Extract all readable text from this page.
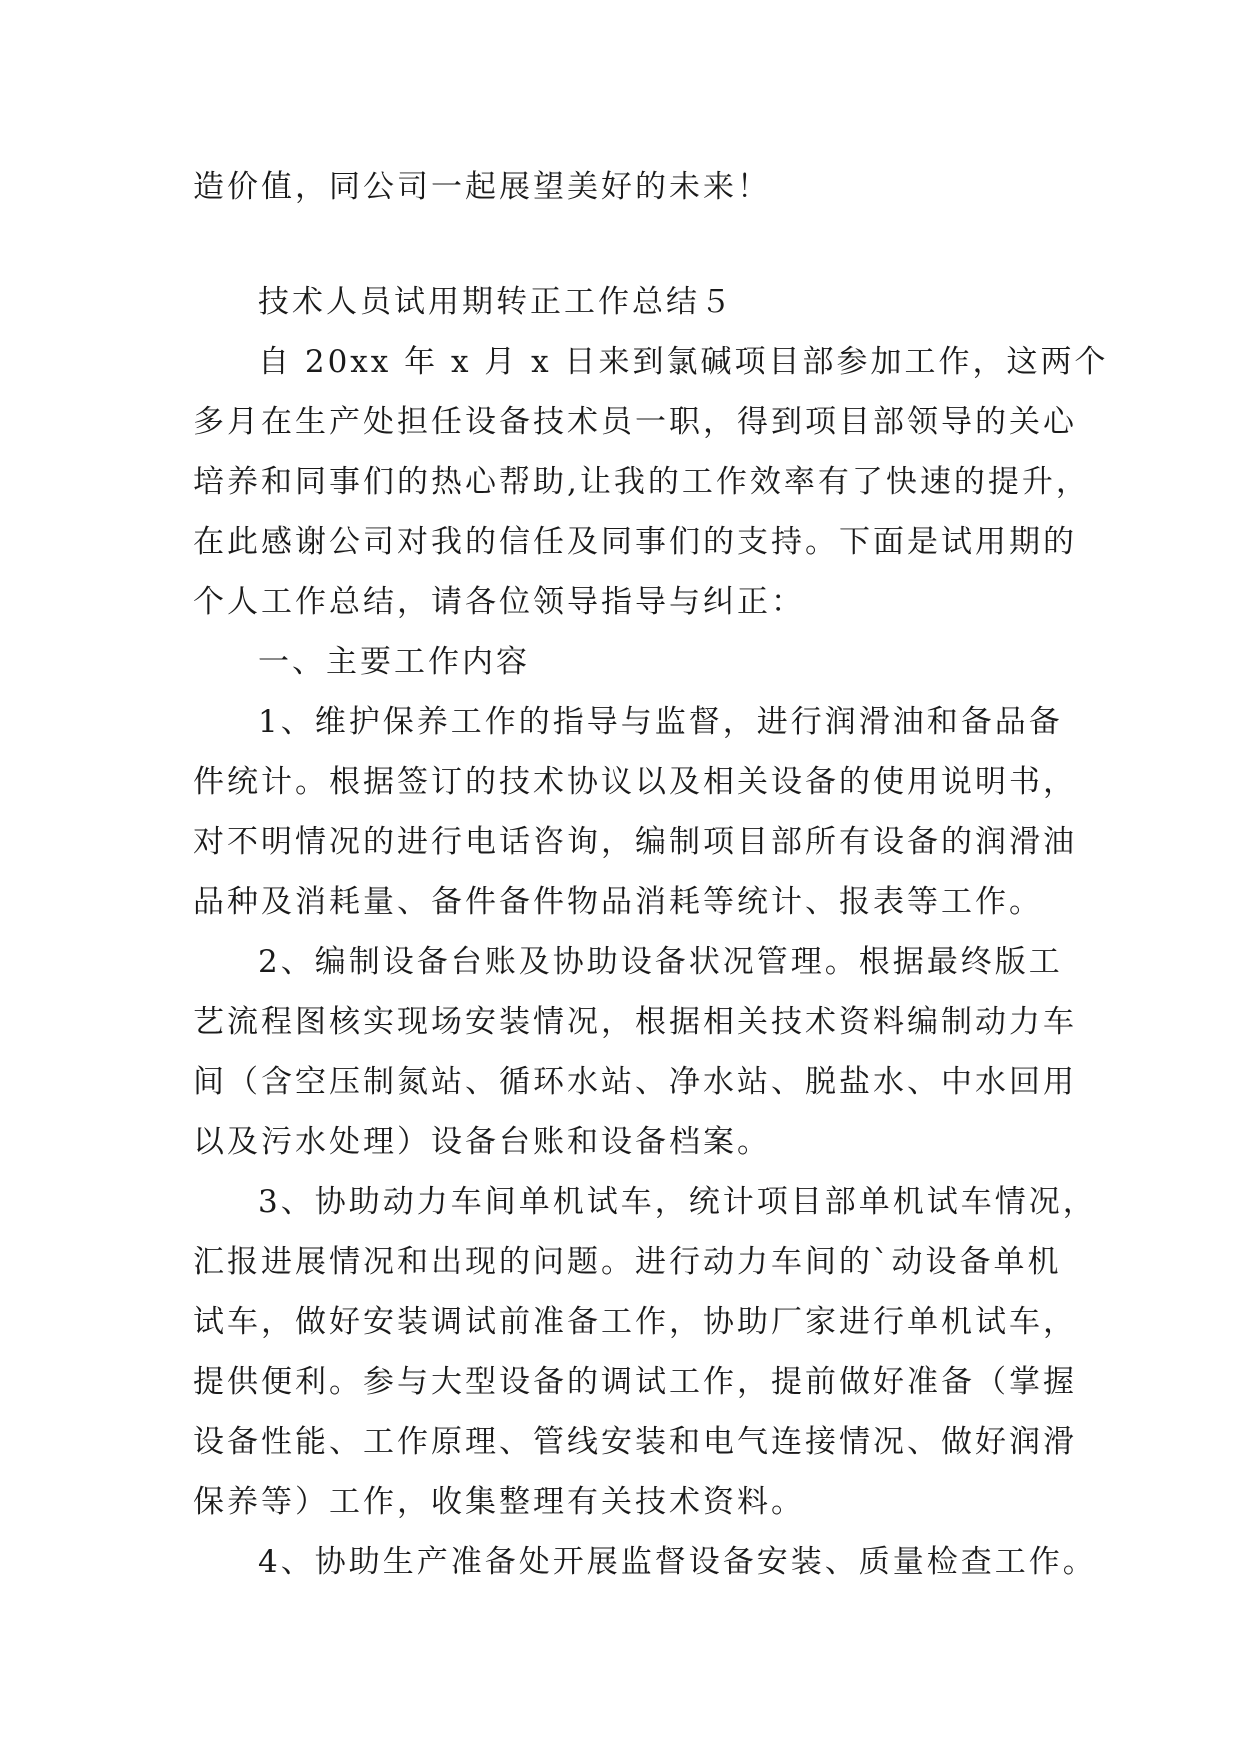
造价值，同公司一起展望美好的未来！
技术人员试用期转正工作总结５
自 20xx 年 x 月 x 日来到氯碱项目部参加工作，这两个
多月在生产处担任设备技术员一职，得到项目部领导的关心
培养和同事们的热心帮助,让我的工作效率有了快速的提升，
在此感谢公司对我的信任及同事们的支持。下面是试用期的
个人工作总结，请各位领导指导与纠正：
一、主要工作内容
1、维护保养工作的指导与监督，进行润滑油和备品备
件统计。根据签订的技术协议以及相关设备的使用说明书，
对不明情况的进行电话咨询，编制项目部所有设备的润滑油
品种及消耗量、备件备件物品消耗等统计、报表等工作。
2、编制设备台账及协助设备状况管理。根据最终版工
艺流程图核实现场安装情况，根据相关技术资料编制动力车
间（含空压制氮站、循环水站、净水站、脱盐水、中水回用
以及污水处理）设备台账和设备档案。
3、协助动力车间单机试车，统计项目部单机试车情况，
汇报进展情况和出现的问题。进行动力车间的`动设备单机
试车，做好安装调试前准备工作，协助厂家进行单机试车，
提供便利。参与大型设备的调试工作，提前做好准备（掌握
设备性能、工作原理、管线安装和电气连接情况、做好润滑
保养等）工作，收集整理有关技术资料。
4、协助生产准备处开展监督设备安装、质量检查工作。
